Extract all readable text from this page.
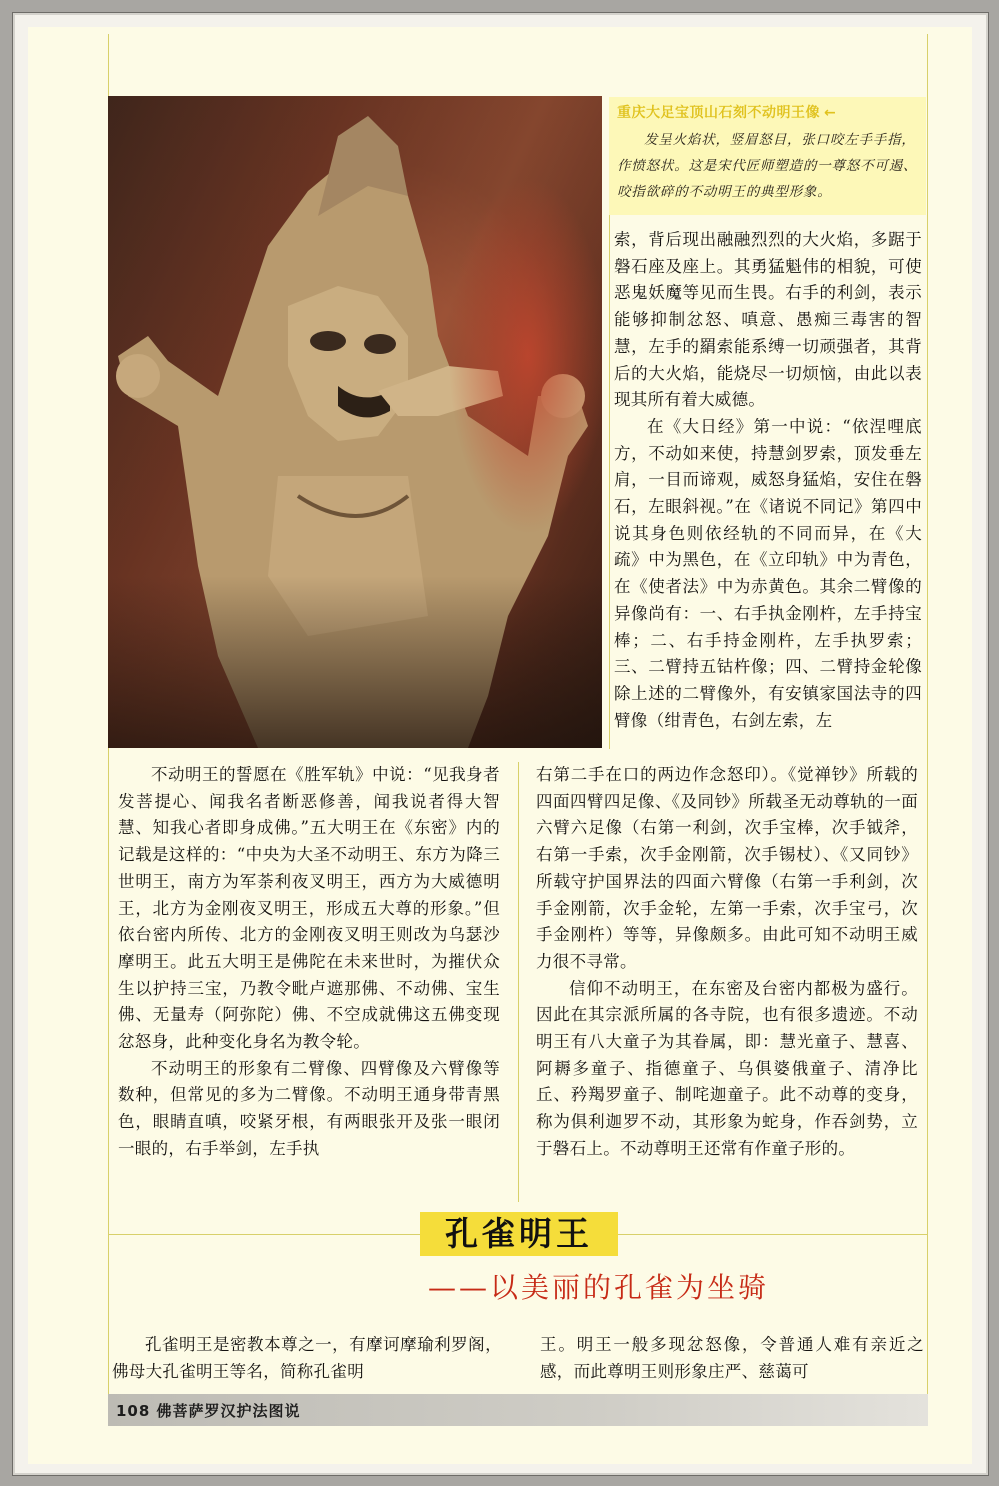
重庆大足宝顶山石刻不动明王像 ←

发呈火焰状，竖眉怒目，张口咬左手手指，作愤怒状。这是宋代匠师塑造的一尊怒不可遏、咬指欲碎的不动明王的典型形象。

索，背后现出融融烈烈的大火焰，多踞于磐石座及座上。其勇猛魁伟的相貌，可使恶鬼妖魔等见而生畏。右手的利剑，表示能够抑制忿怒、嗔意、愚痴三毒害的智慧，左手的羂索能系缚一切顽强者，其背后的大火焰，能烧尽一切烦恼，由此以表现其所有着大威德。

在《大日经》第一中说：“依涅哩底方，不动如来使，持慧剑罗索，顶发垂左肩，一目而谛观，威怒身猛焰，安住在磐石，左眼斜视。”在《诸说不同记》第四中说其身色则依经轨的不同而异，在《大疏》中为黑色，在《立印轨》中为青色，在《使者法》中为赤黄色。其余二臂像的异像尚有：一、右手执金刚杵，左手持宝棒；二、右手持金刚杵，左手执罗索；三、二臂持五钴杵像；四、二臂持金轮像除上述的二臂像外，有安镇家国法寺的四臂像（绀青色，右剑左索，左

不动明王的誓愿在《胜军轨》中说：“见我身者发菩提心、闻我名者断恶修善，闻我说者得大智慧、知我心者即身成佛。”五大明王在《东密》内的记载是这样的：“中央为大圣不动明王、东方为降三世明王，南方为军荼利夜叉明王，西方为大威德明王，北方为金刚夜叉明王，形成五大尊的形象。”但依台密内所传、北方的金刚夜叉明王则改为乌瑟沙摩明王。此五大明王是佛陀在未来世时，为摧伏众生以护持三宝，乃教令毗卢遮那佛、不动佛、宝生佛、无量寿（阿弥陀）佛、不空成就佛这五佛变现忿怒身，此种变化身名为教令轮。

不动明王的形象有二臂像、四臂像及六臂像等数种，但常见的多为二臂像。不动明王通身带青黑色，眼睛直嗔，咬紧牙根，有两眼张开及张一眼闭一眼的，右手举剑，左手执

右第二手在口的两边作念怒印）。《觉禅钞》所载的四面四臂四足像、《及同钞》所载圣无动尊轨的一面六臂六足像（右第一利剑，次手宝棒，次手钺斧，右第一手索，次手金刚箭，次手锡杖）、《又同钞》所载守护国界法的四面六臂像（右第一手利剑，次手金刚箭，次手金轮，左第一手索，次手宝弓，次手金刚杵）等等，异像颇多。由此可知不动明王威力很不寻常。

信仰不动明王，在东密及台密内都极为盛行。因此在其宗派所属的各寺院，也有很多遗迹。不动明王有八大童子为其眷属，即：慧光童子、慧喜、阿耨多童子、指德童子、乌俱婆俄童子、清净比丘、矜羯罗童子、制咤迦童子。此不动尊的变身，称为俱利迦罗不动，其形象为蛇身，作吞剑势，立于磐石上。不动尊明王还常有作童子形的。

孔雀明王
——以美丽的孔雀为坐骑

孔雀明王是密教本尊之一，有摩诃摩瑜利罗阁，佛母大孔雀明王等名，简称孔雀明

王。明王一般多现忿怒像，令普通人难有亲近之感，而此尊明王则形象庄严、慈蔼可

108 佛菩萨罗汉护法图说
